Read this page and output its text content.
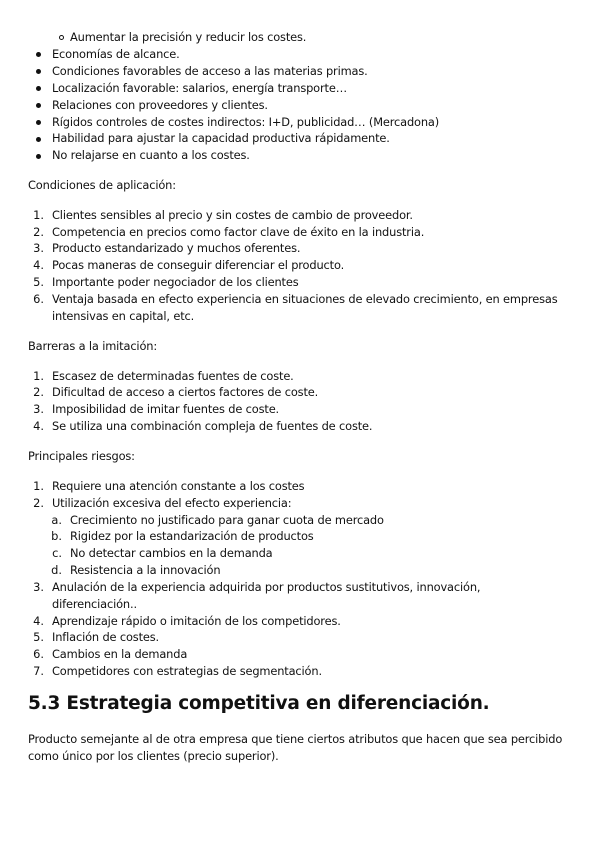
Aumentar la precisión y reducir los costes.
Economías de alcance.
Condiciones favorables de acceso a las materias primas.
Localización favorable: salarios, energía transporte…
Relaciones con proveedores y clientes.
Rígidos controles de costes indirectos: I+D, publicidad… (Mercadona)
Habilidad para ajustar la capacidad productiva rápidamente.
No relajarse en cuanto a los costes.
Condiciones de aplicación:
1. Clientes sensibles al precio y sin costes de cambio de proveedor.
2. Competencia en precios como factor clave de éxito en la industria.
3. Producto estandarizado y muchos oferentes.
4. Pocas maneras de conseguir diferenciar el producto.
5. Importante poder negociador de los clientes
6. Ventaja basada en efecto experiencia en situaciones de elevado crecimiento, en empresas
intensivas en capital, etc.
Barreras a la imitación:
1. Escasez de determinadas fuentes de coste.
2. Dificultad de acceso a ciertos factores de coste.
3. Imposibilidad de imitar fuentes de coste.
4. Se utiliza una combinación compleja de fuentes de coste.
Principales riesgos:
1. Requiere una atención constante a los costes
2. Utilización excesiva del efecto experiencia:
a. Crecimiento no justificado para ganar cuota de mercado
b. Rigidez por la estandarización de productos
c. No detectar cambios en la demanda
d. Resistencia a la innovación
3. Anulación de la experiencia adquirida por productos sustitutivos, innovación,
diferenciación..
4. Aprendizaje rápido o imitación de los competidores.
5. Inflación de costes.
6. Cambios en la demanda
7. Competidores con estrategias de segmentación.
5.3 Estrategia competitiva en diferenciación.
Producto semejante al de otra empresa que tiene ciertos atributos que hacen que sea percibido
como único por los clientes (precio superior).
